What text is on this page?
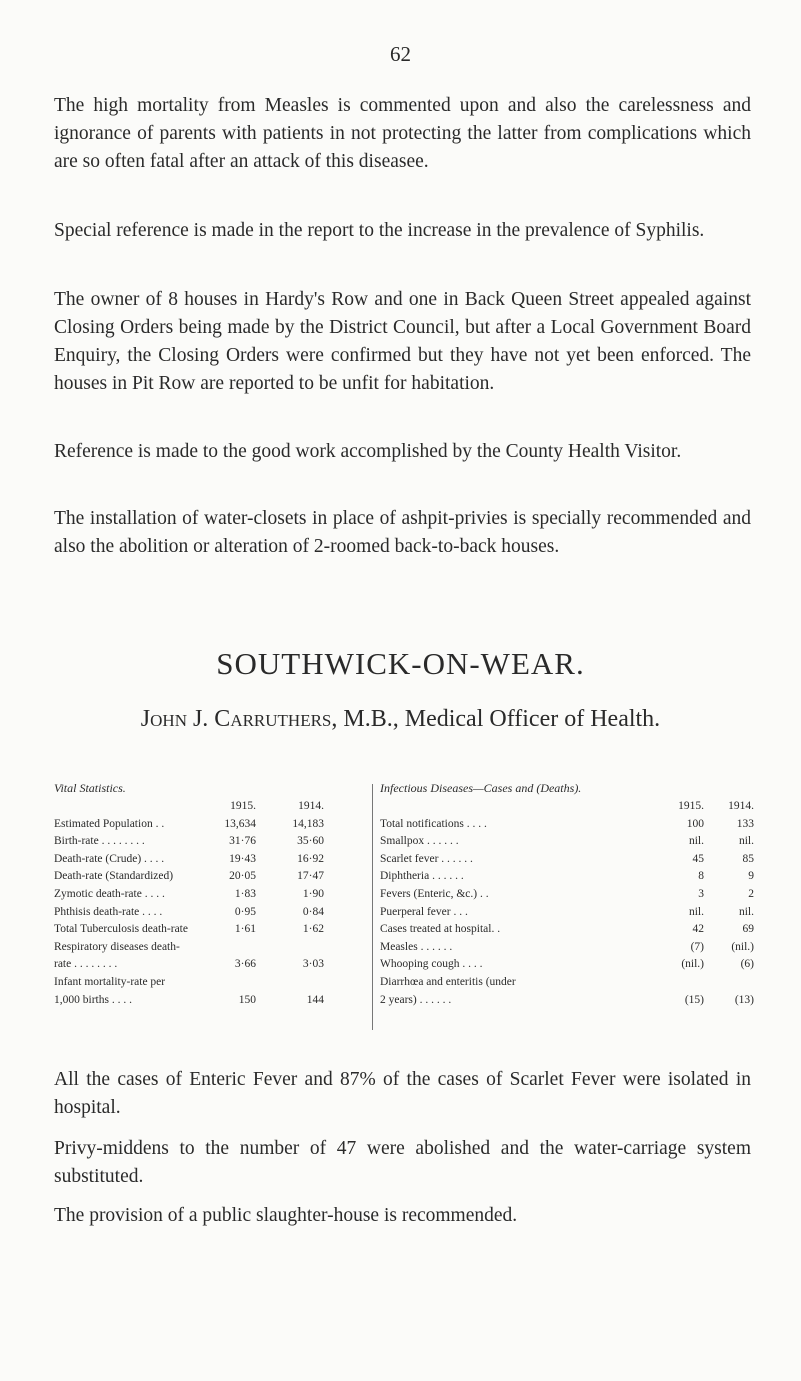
62

The high mortality from Measles is commented upon and also the carelessness and ignorance of parents with patients in not protecting the latter from complications which are so often fatal after an attack of this diseasee.

Special reference is made in the report to the increase in the prevalence of Syphilis.

The owner of 8 houses in Hardy's Row and one in Back Queen Street appealed against Closing Orders being made by the District Council, but after a Local Government Board Enquiry, the Closing Orders were confirmed but they have not yet been enforced. The houses in Pit Row are reported to be unfit for habitation.

Reference is made to the good work accomplished by the County Health Visitor.

The installation of water-closets in place of ashpit-privies is specially recommended and also the abolition or alteration of 2-roomed back-to-back houses.

SOUTHWICK-ON-WEAR.
John J. Carruthers, M.B., Medical Officer of Health.
Vital Statistics.
1915.	1914.
Estimated Population . .	13,634	14,183
Birth-rate . . . . . . . .	31·76	35·60
Death-rate (Crude) . . . .	19·43	16·92
Death-rate (Standardized)	20·05	17·47
Zymotic death-rate . . . .	1·83	1·90
Phthisis death-rate . . . .	0·95	0·84
Total Tuberculosis death-rate	1·61	1·62
Respiratory diseases death-
rate . . . . . . . .	3·66	3·03
Infant mortality-rate per
1,000 births . . . .	150	144
Infectious Diseases—Cases and (Deaths).
1915. 1914.
Total notifications . . . .	100	133
Smallpox . . . . . .	nil.	nil.
Scarlet fever . . . . . .	45	85
Diphtheria . . . . . .	8	9
Fevers (Enteric, &c.) . .	3	2
Puerperal fever . . .	nil.	nil.
Cases treated at hospital. .	42	69
Measles . . . . . .	(7) (nil.)
Whooping cough . . . .	(nil.)	(6)
Diarrhœa and enteritis (under
2 years) . . . . . .	(15)	(13)

All the cases of Enteric Fever and 87% of the cases of Scarlet Fever were isolated in hospital.

Privy-middens to the number of 47 were abolished and the water-carriage system substituted.

The provision of a public slaughter-house is recommended.
